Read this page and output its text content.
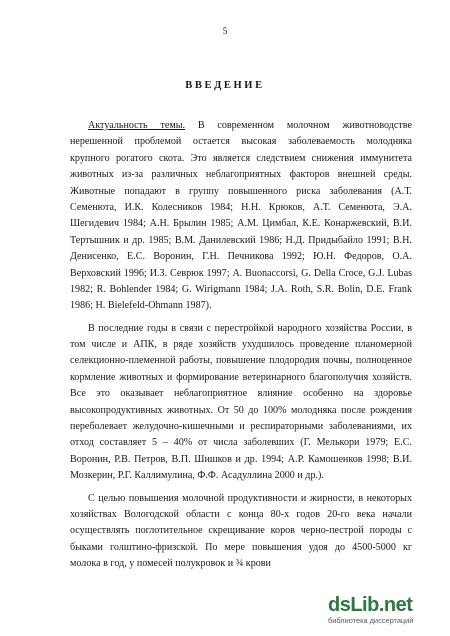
5
ВВЕДЕНИЕ
Актуальность темы. В современном молочном животноводстве
нерешенной проблемой остается высокая заболеваемость молодняка
крупного рогатого скота. Это является следствием снижения иммунитета
животных из-за различных неблагоприятных факторов внешней среды.
Животные попадают в группу повышенного риска заболевания (А.Т.
Семенюта, И.К. Колесников 1984; Н.Н. Крюков, А.Т. Семенюта, Э.А.
Шегидевич 1984; А.Н. Брылин 1985; А.М. Цимбал, К.Е. Конаржевский, В.И.
Тертышник и др. 1985; В.М. Данилевский 1986; Н.Д. Придыбайло 1991; В.Н.
Денисенко, Е.С. Воронин, Г.Н. Печникова 1992; Ю.Н. Федоров, О.А.
Верховский 1996; И.З. Севрюк 1997; A. Buonaccorsi, G. Della Croce, G.J. Lubas
1982; R. Bohlender 1984; G. Wirigmann 1984; J.A. Roth, S.R. Bolin, D.E. Frank
1986; H. Bielefeld-Ohmann 1987).
В последние годы в связи с перестройкой народного хозяйства России, в
том числе и АПК, в ряде хозяйств ухудшилось проведение планомерной
селекционно-племенной работы, повышение плодородия почвы, полноценное
кормление животных и формирование ветеринарного благополучия хозяйств.
Все это оказывает неблагоприятное влияние особенно на здоровье
высокопродуктивных животных. От 50 до 100% молодняка после рождения
переболевает желудочно-кишечными и респираторными заболеваниями, их
отход составляет 5 – 40% от числа заболевших (Г. Мелькори 1979; Е.С.
Воронин, Р.В. Петров, В.П. Шишков и др. 1994; А.Р. Камошенков 1998; В.И.
Мозкерин, Р.Г. Каллимулина, Ф.Ф. Асадуллина 2000 и др.).
С целью повышения молочной продуктивности и жирности, в некоторых
хозяйствах Вологодской области с конца 80-х годов 20-го века начали
осуществлять поглотительное скрещивание коров черно-пестрой породы с
быками голштино-фризской. По мере повышения удоя до 4500-5000 кг
молока в год, у помесей полукровок и ¾ крови
dsLib.net
библиотека диссертаций
